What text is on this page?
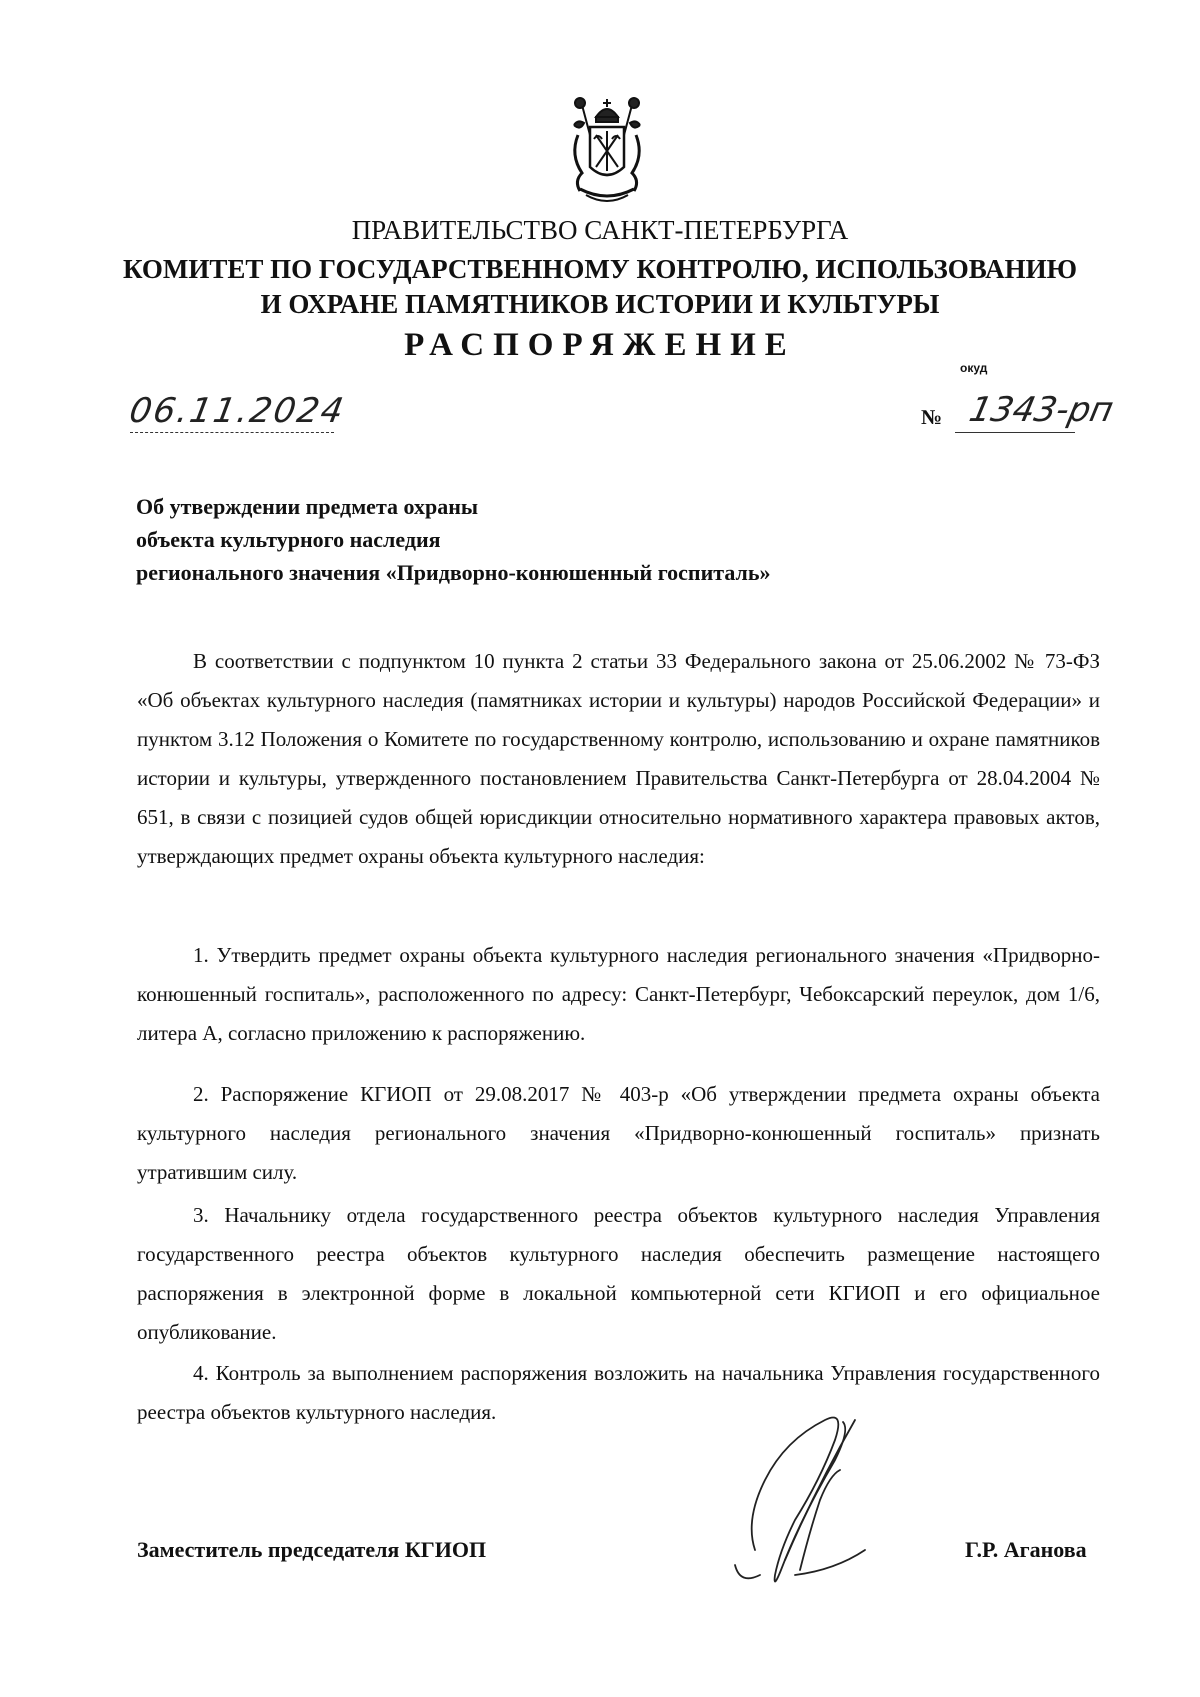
ПРАВИТЕЛЬСТВО САНКТ-ПЕТЕРБУРГА
КОМИТЕТ ПО ГОСУДАРСТВЕННОМУ КОНТРОЛЮ, ИСПОЛЬЗОВАНИЮ
И ОХРАНЕ ПАМЯТНИКОВ ИСТОРИИ И КУЛЬТУРЫ
РАСПОРЯЖЕНИЕ
окуд
06.11.2024	№ 1343-рп
Об утверждении предмета охраны
объекта культурного наследия
регионального значения «Придворно-конюшенный госпиталь»
В соответствии с подпунктом 10 пункта 2 статьи 33 Федерального закона от 25.06.2002 № 73-ФЗ «Об объектах культурного наследия (памятниках истории и культуры) народов Российской Федерации» и пунктом 3.12 Положения о Комитете по государственному контролю, использованию и охране памятников истории и культуры, утвержденного постановлением Правительства Санкт-Петербурга от 28.04.2004 № 651, в связи с позицией судов общей юрисдикции относительно нормативного характера правовых актов, утверждающих предмет охраны объекта культурного наследия:
1. Утвердить предмет охраны объекта культурного наследия регионального значения «Придворно-конюшенный госпиталь», расположенного по адресу: Санкт-Петербург, Чебоксарский переулок, дом 1/6, литера А, согласно приложению к распоряжению.
2. Распоряжение КГИОП от 29.08.2017 № 403-р «Об утверждении предмета охраны объекта культурного наследия регионального значения «Придворно-конюшенный госпиталь» признать утратившим силу.
3. Начальнику отдела государственного реестра объектов культурного наследия Управления государственного реестра объектов культурного наследия обеспечить размещение настоящего распоряжения в электронной форме в локальной компьютерной сети КГИОП и его официальное опубликование.
4. Контроль за выполнением распоряжения возложить на начальника Управления государственного реестра объектов культурного наследия.
Заместитель председателя КГИОП	Г.Р. Аганова
